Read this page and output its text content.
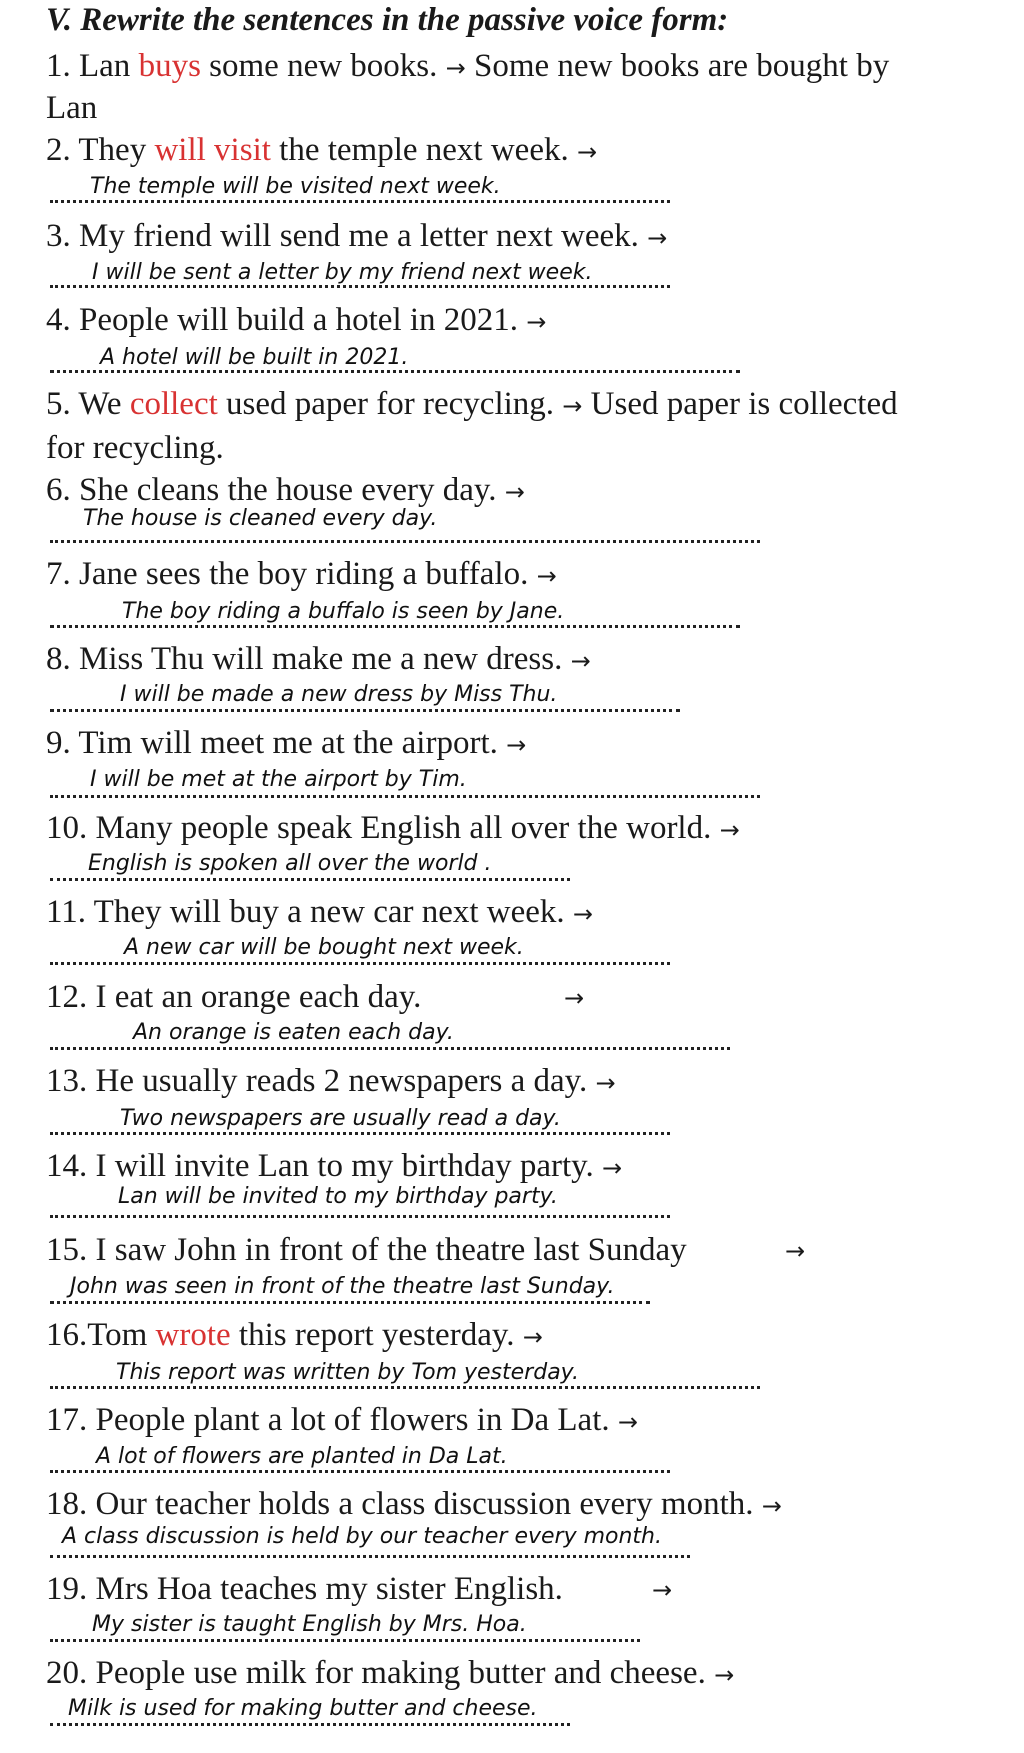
V. Rewrite the sentences in the passive voice form:
1. Lan buys some new books. → Some new books are bought by
Lan
2. They will visit the temple next week. →
The temple will be visited next week.
3. My friend will send me a letter next week. →
I will be sent a letter by my friend next week.
4. People will build a hotel in 2021. →
A hotel will be built in 2021.
5. We collect used paper for recycling. → Used paper is collected
for recycling.
6. She cleans the house every day. →
The house is cleaned every day.
7. Jane sees the boy riding a buffalo. →
The boy riding a buffalo is seen by Jane.
8. Miss Thu will make me a new dress. →
I will be made a new dress by Miss Thu.
9. Tim will meet me at the airport. →
I will be met at the airport by Tim.
10. Many people speak English all over the world. →
English is spoken all over the world .
11. They will buy a new car next week. →
A new car will be bought next week.
12. I eat an orange each day.	→
An orange is eaten each day.
13. He usually reads 2 newspapers a day. →
Two newspapers are usually read a day.
14. I will invite Lan to my birthday party. →
Lan will be invited to my birthday party.
15. I saw John in front of the theatre last Sunday	→
John was seen in front of the theatre last Sunday.
16.Tom wrote this report yesterday. →
This report was written by Tom yesterday.
17. People plant a lot of flowers in Da Lat. →
A lot of flowers are planted in Da Lat.
18. Our teacher holds a class discussion every month. →
A class discussion is held by our teacher every month.
19. Mrs Hoa teaches my sister English.	→
My sister is taught English by Mrs. Hoa.
20. People use milk for making butter and cheese. →
Milk is used for making butter and cheese.
